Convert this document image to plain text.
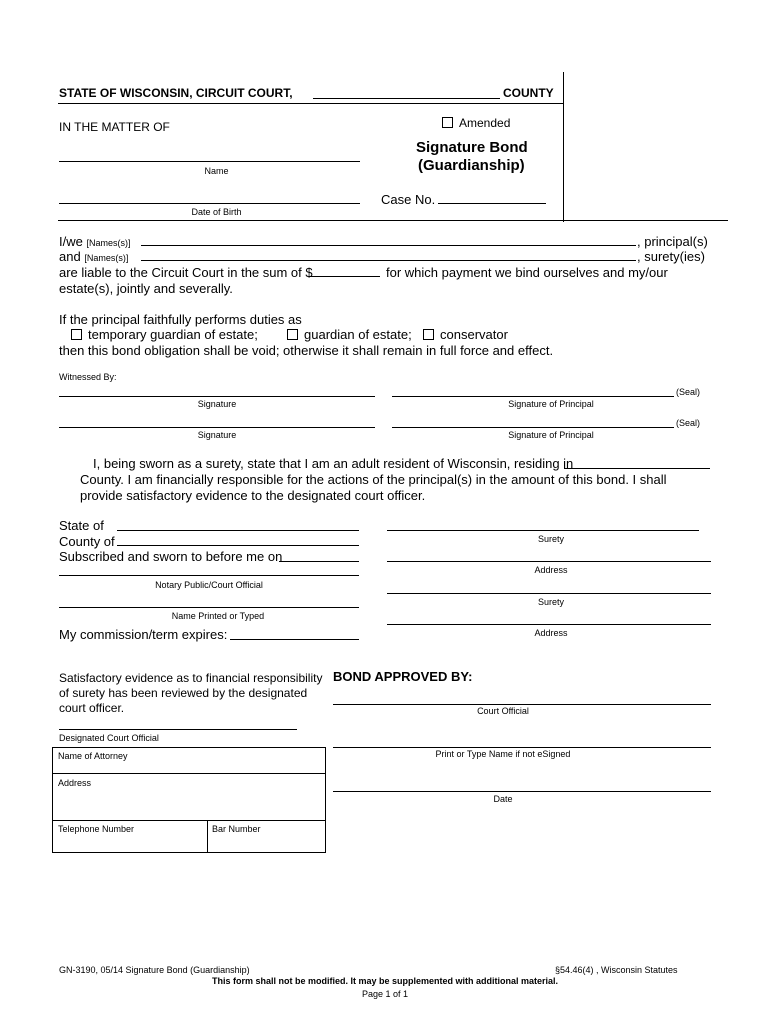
STATE OF WISCONSIN, CIRCUIT COURT,	COUNTY
IN THE MATTER OF	Amended
Signature Bond
(Guardianship)
Name
Case No.
Date of Birth
I/we [Names(s)]	, principal(s)
and [Names(s)]	, surety(ies)
are liable to the Circuit Court in the sum of $	for which payment we bind ourselves and my/our
estate(s), jointly and severally.
If the principal faithfully performs duties as
temporary guardian of estate;	guardian of estate;	conservator
then this bond obligation shall be void; otherwise it shall remain in full force and effect.
Witnessed By:
Signature
(Seal)
Signature of Principal
Signature
(Seal)
Signature of Principal
I, being sworn as a surety, state that I am an adult resident of Wisconsin, residing in
County. I am financially responsible for the actions of the principal(s) in the amount of this bond. I shall
provide satisfactory evidence to the designated court officer.
State of
County of
Subscribed and sworn to before me on
Notary Public/Court Official
Name Printed or Typed
My commission/term expires:
Surety
Address
Surety
Address
Satisfactory evidence as to financial responsibility
of surety has been reviewed by the designated
court officer.
Designated Court Official
BOND APPROVED BY:
Court Official
Print or Type Name if not eSigned
Date
Name of Attorney
Address
Telephone Number	Bar Number
GN-3190, 05/14 Signature Bond (Guardianship)	§54.46(4) , Wisconsin Statutes
This form shall not be modified. It may be supplemented with additional material.
Page 1 of 1
